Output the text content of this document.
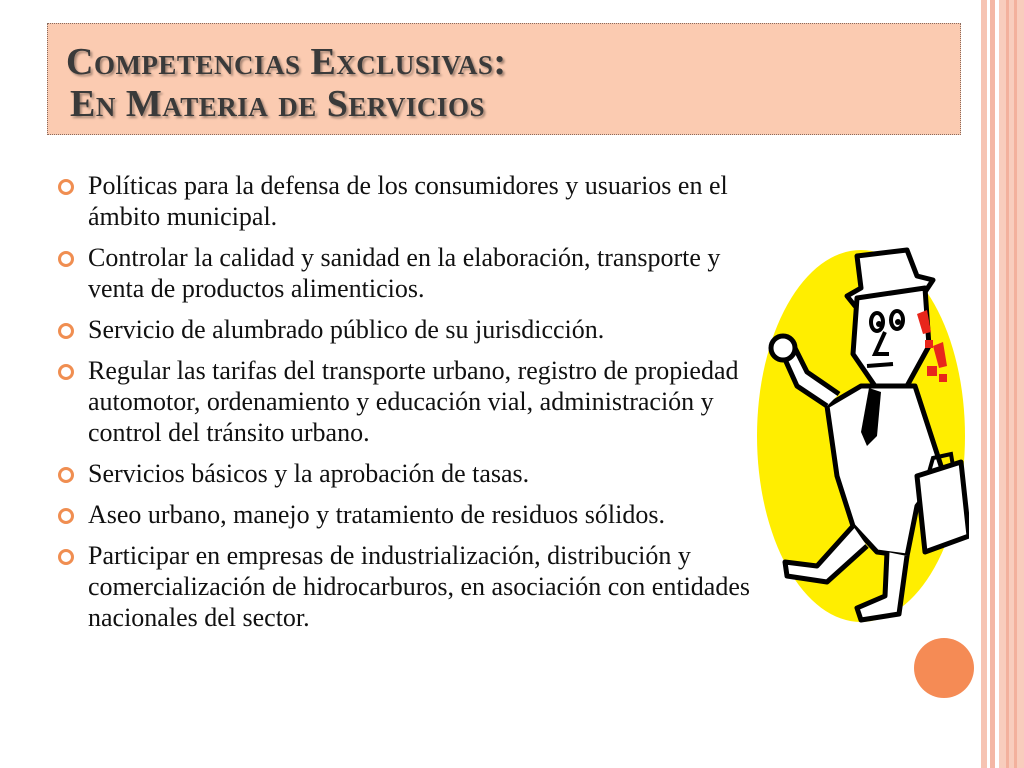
Competencias Exclusivas:
En Materia de Servicios
Políticas para la defensa de los consumidores y usuarios en el ámbito municipal.
Controlar la calidad y sanidad en la elaboración, transporte y venta de productos alimenticios.
Servicio de alumbrado público de su jurisdicción.
Regular las tarifas del transporte urbano, registro de propiedad automotor, ordenamiento y educación vial, administración y control del tránsito urbano.
Servicios básicos y la aprobación de tasas.
Aseo urbano, manejo y tratamiento de residuos sólidos.
Participar en empresas de industrialización, distribución y comercialización de hidrocarburos, en asociación con entidades nacionales del sector.
